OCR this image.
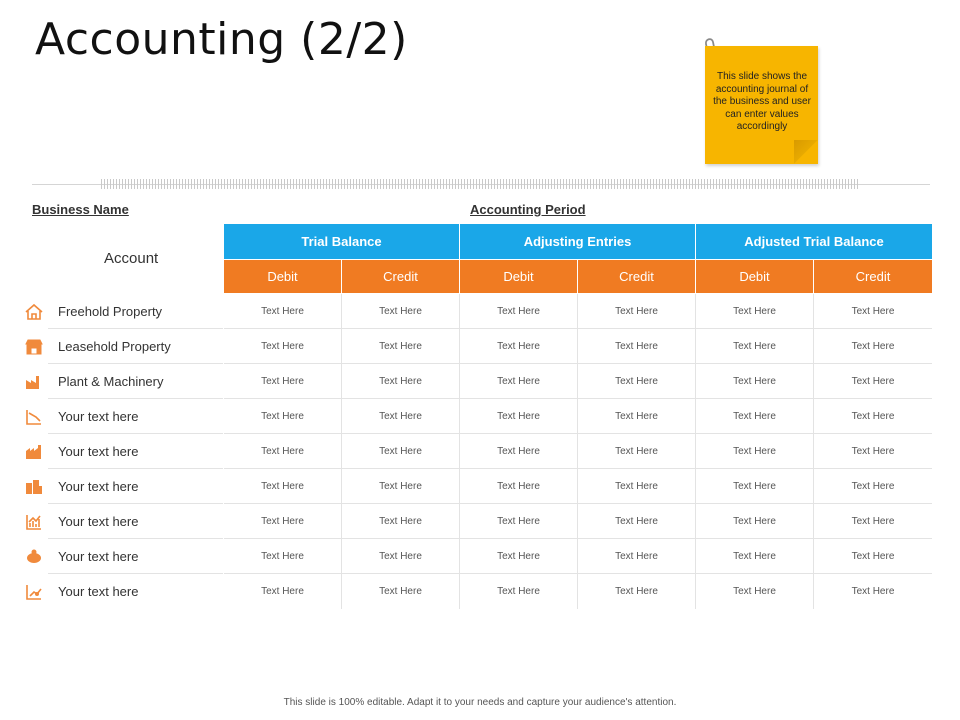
Accounting (2/2)
This slide shows the accounting journal of the business and user can enter values accordingly
Business Name	Accounting Period
Account
Trial Balance	Adjusting Entries	Adjusted Trial Balance
Debit	Credit	Debit	Credit	Debit	Credit
Freehold Property	Text Here	Text Here	Text Here	Text Here	Text Here	Text Here
Leasehold Property	Text Here	Text Here	Text Here	Text Here	Text Here	Text Here
Plant & Machinery	Text Here	Text Here	Text Here	Text Here	Text Here	Text Here
Your text here	Text Here	Text Here	Text Here	Text Here	Text Here	Text Here
Your text here	Text Here	Text Here	Text Here	Text Here	Text Here	Text Here
Your text here	Text Here	Text Here	Text Here	Text Here	Text Here	Text Here
Your text here	Text Here	Text Here	Text Here	Text Here	Text Here	Text Here
Your text here	Text Here	Text Here	Text Here	Text Here	Text Here	Text Here
Your text here	Text Here	Text Here	Text Here	Text Here	Text Here	Text Here
This slide is 100% editable. Adapt it to your needs and capture your audience's attention.
